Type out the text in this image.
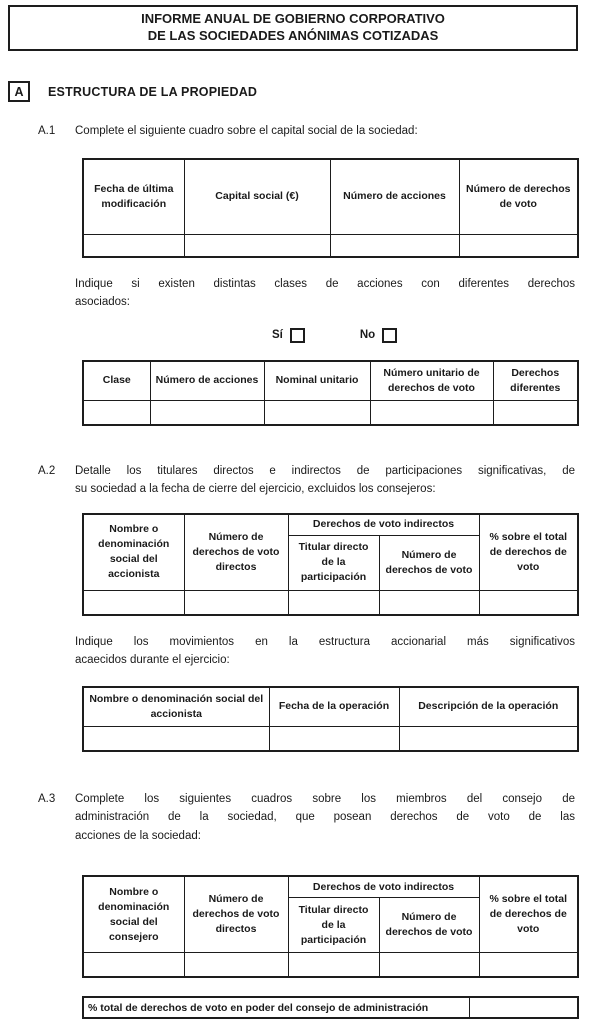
INFORME ANUAL DE GOBIERNO CORPORATIVO
DE LAS SOCIEDADES ANÓNIMAS COTIZADAS
A	ESTRUCTURA DE LA PROPIEDAD
A.1	Complete el siguiente cuadro sobre el capital social de la sociedad:
Fecha de última modificación	Capital social (€)	Número de acciones	Número de derechos de voto

Indique si existen distintas clases de acciones con diferentes derechos
asociados:
Sí	No
Clase	Número de acciones	Nominal unitario	Número unitario de derechos de voto	Derechos diferentes

A.2	Detalle los titulares directos e indirectos de participaciones significativas, de
su sociedad a la fecha de cierre del ejercicio, excluidos los consejeros:
Nombre o denominación social del accionista	Número de derechos de voto directos	Derechos de voto indirectos		% sobre el total de derechos de voto
		Titular directo de la participación	Número de derechos de voto	

Indique los movimientos en la estructura accionarial más significativos
acaecidos durante el ejercicio:
Nombre o denominación social del accionista	Fecha de la operación	Descripción de la operación

A.3	Complete los siguientes cuadros sobre los miembros del consejo de
administración de la sociedad, que posean derechos de voto de las
acciones de la sociedad:
Nombre o denominación social del consejero	Número de derechos de voto directos	Derechos de voto indirectos		% sobre el total de derechos de voto
		Titular directo de la participación	Número de derechos de voto	

% total de derechos de voto en poder del consejo de administración	
